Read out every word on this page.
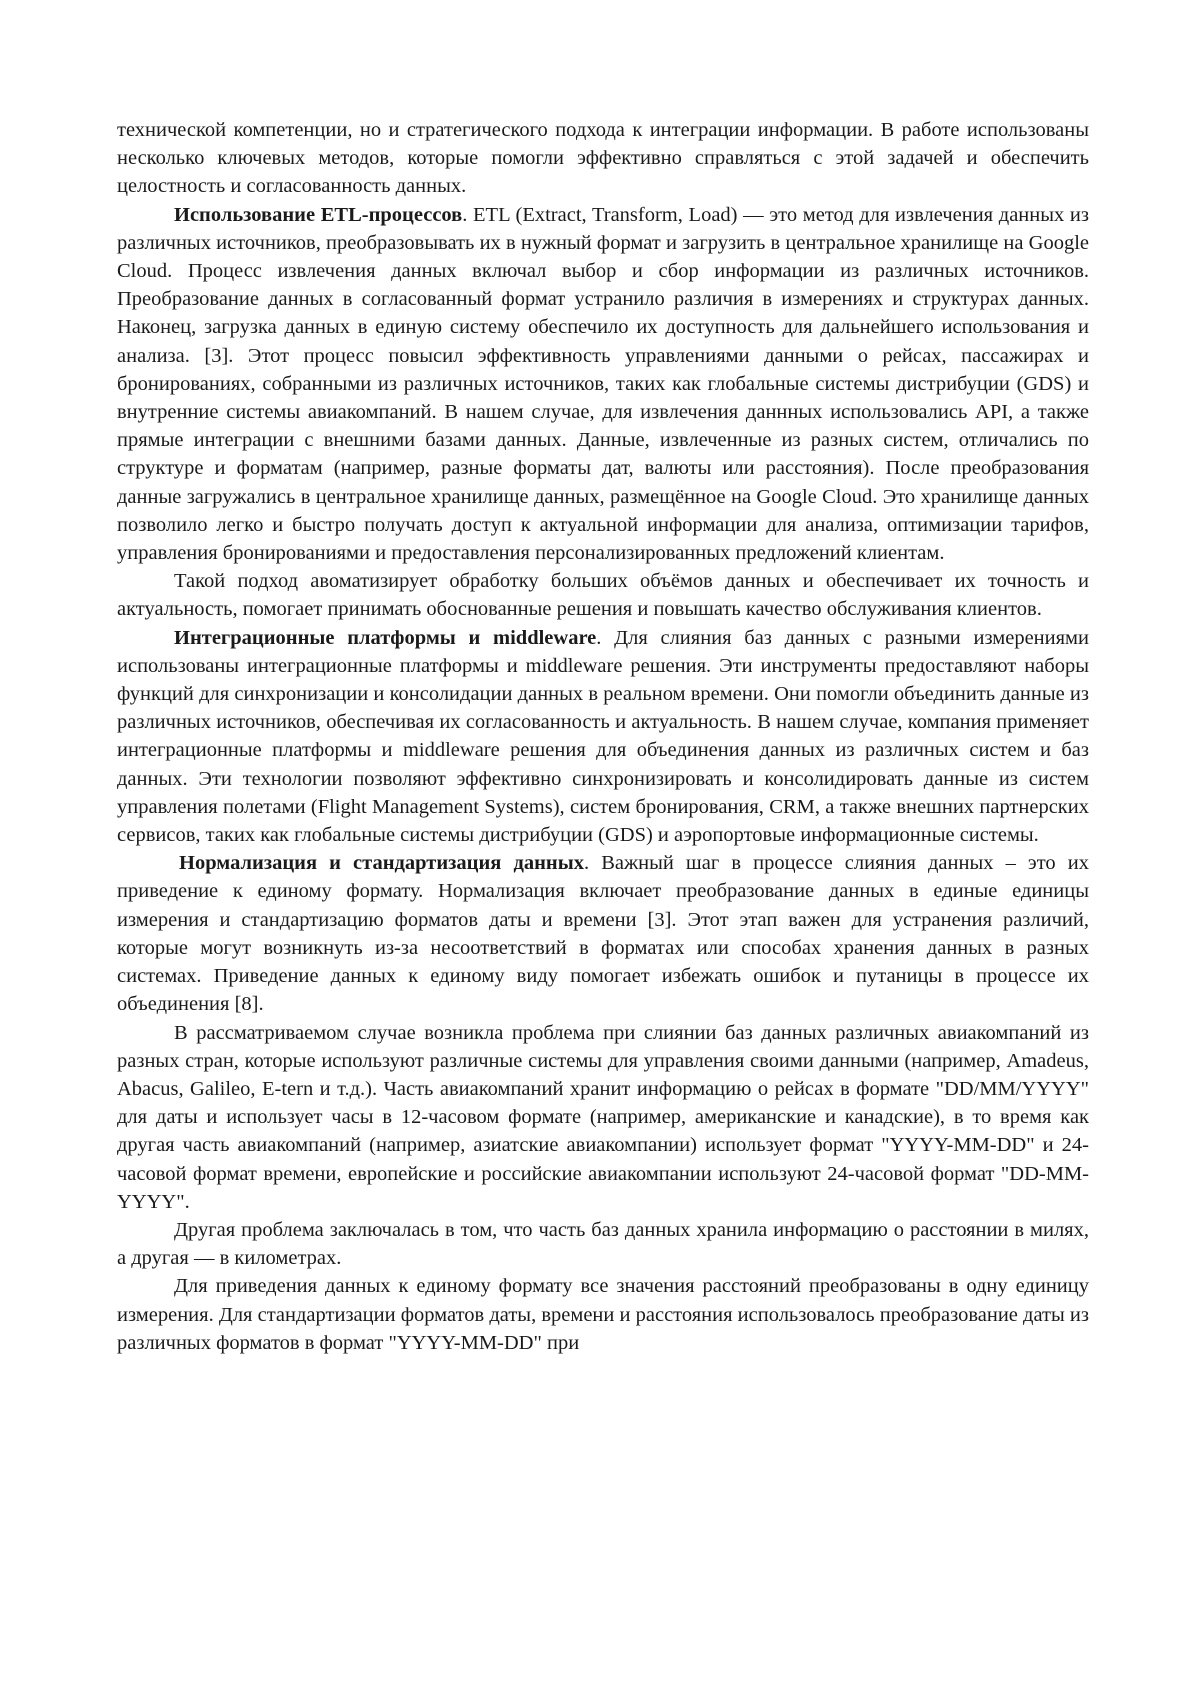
технической компетенции, но и стратегического подхода к интеграции информации. В работе использованы несколько ключевых методов, которые помогли эффективно справляться с этой задачей и обеспечить целостность и согласованность данных.

Использование ETL-процессов. ETL (Extract, Transform, Load) — это метод для извлечения данных из различных источников, преобразовывать их в нужный формат и загрузить в центральное хранилище на Google Cloud. Процесс извлечения данных включал выбор и сбор информации из различных источников. Преобразование данных в согласованный формат устранило различия в измерениях и структурах данных. Наконец, загрузка данных в единую систему обеспечило их доступность для дальнейшего использования и анализа. [3]. Этот процесс повысил эффективность управлениями данными о рейсах, пассажирах и бронированиях, собранными из различных источников, таких как глобальные системы дистрибуции (GDS) и внутренние системы авиакомпаний. В нашем случае, для извлечения даннных использовались API, а также прямые интеграции с внешними базами данных. Данные, извлеченные из разных систем, отличались по структуре и форматам (например, разные форматы дат, валюты или расстояния). После преобразования данные загружались в центральное хранилище данных, размещённое на Google Cloud. Это хранилище данных позволило легко и быстро получать доступ к актуальной информации для анализа, оптимизации тарифов, управления бронированиями и предоставления персонализированных предложений клиентам.

Такой подход авоматизирует обработку больших объёмов данных и обеспечивает их точность и актуальность, помогает принимать обоснованные решения и повышать качество обслуживания клиентов.

Интеграционные платформы и middleware. Для слияния баз данных с разными измерениями использованы интеграционные платформы и middleware решения. Эти инструменты предоставляют наборы функций для синхронизации и консолидации данных в реальном времени. Они помогли объединить данные из различных источников, обеспечивая их согласованность и актуальность. В нашем случае, компания применяет интеграционные платформы и middleware решения для объединения данных из различных систем и баз данных. Эти технологии позволяют эффективно синхронизировать и консолидировать данные из систем управления полетами (Flight Management Systems), систем бронирования, CRM, а также внешних партнерских сервисов, таких как глобальные системы дистрибуции (GDS) и аэропортовые информационные системы.

Нормализация и стандартизация данных. Важный шаг в процессе слияния данных – это их приведение к единому формату. Нормализация включает преобразование данных в единые единицы измерения и стандартизацию форматов даты и времени [3]. Этот этап важен для устранения различий, которые могут возникнуть из-за несоответствий в форматах или способах хранения данных в разных системах. Приведение данных к единому виду помогает избежать ошибок и путаницы в процессе их объединения [8].

В рассматриваемом случае возникла проблема при слиянии баз данных различных авиакомпаний из разных стран, которые используют различные системы для управления своими данными (например, Amadeus, Abacus, Galileo, E-tern и т.д.). Часть авиакомпаний хранит информацию о рейсах в формате "DD/MM/YYYY" для даты и использует часы в 12-часовом формате (например, американские и канадские), в то время как другая часть авиакомпаний (например, азиатские авиакомпании) использует формат "YYYY-MM-DD" и 24-часовой формат времени, европейские и российские авиакомпании используют 24-часовой формат "DD-MM-YYYY".

Другая проблема заключалась в том, что часть баз данных хранила информацию о расстоянии в милях, а другая — в километрах.

Для приведения данных к единому формату все значения расстояний преобразованы в одну единицу измерения. Для стандартизации форматов даты, времени и расстояния использовалось преобразование даты из различных форматов в формат "YYYY-MM-DD" при
